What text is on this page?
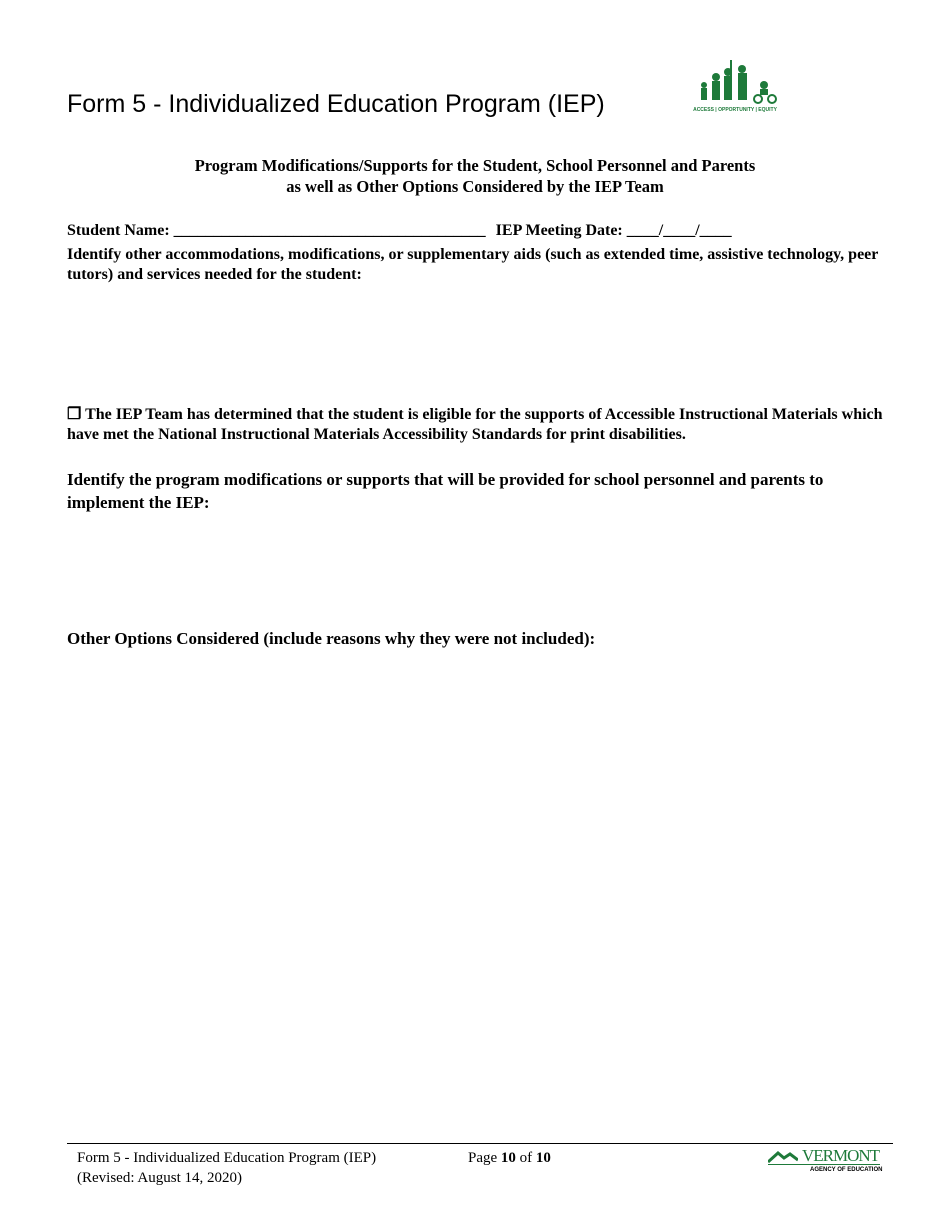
Form 5 - Individualized Education Program (IEP)	ACCESS | OPPORTUNITY | EQUITY
Program Modifications/Supports for the Student, School Personnel and Parents
as well as Other Options Considered by the IEP Team
Student Name: _______________________________________ IEP Meeting Date: ____/____/____
Identify other accommodations, modifications, or supplementary aids (such as extended time, assistive technology, peer tutors) and services needed for the student:
❐ The IEP Team has determined that the student is eligible for the supports of Accessible Instructional Materials which have met the National Instructional Materials Accessibility Standards for print disabilities.
Identify the program modifications or supports that will be provided for school personnel and parents to implement the IEP:
Other Options Considered (include reasons why they were not included):
Form 5 - Individualized Education Program (IEP)
(Revised: August 14, 2020)
Page 10 of 10	VERMONT
AGENCY OF EDUCATION
